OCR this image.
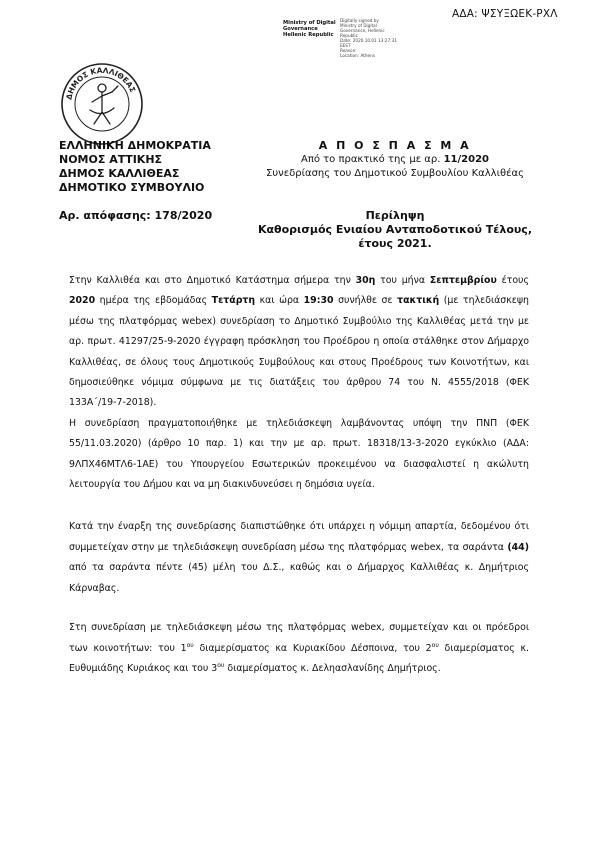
ΑΔΑ: ΨΣΥΞΩΕΚ-ΡΧΛ
Ministry of Digital
Governance
Hellenic Republic
Digitally signed by
Ministry of Digital
Governance, Hellenic
Republic
Date: 2020.10.01 13:27:31
EEST
Reason:
Location: Athens
ΔΗΜΟΣ ΚΑΛΛΙΘΕΑΣ
ΕΛΛΗΝΙΚΗ ΔΗΜΟΚΡΑΤΙΑ
ΝΟΜΟΣ ΑΤΤΙΚΗΣ
ΔΗΜΟΣ ΚΑΛΛΙΘΕΑΣ
ΔΗΜΟΤΙΚΟ ΣΥΜΒΟΥΛΙΟ
Α Π Ο Σ Π Α Σ Μ Α
Από το πρακτικό της με αρ. 11/2020
Συνεδρίασης του Δημοτικού Συμβουλίου Καλλιθέας
Αρ. απόφασης: 178/2020	Περίληψη
Καθορισμός Ενιαίου Ανταποδοτικού Τέλους,
έτους 2021.

Στην Καλλιθέα και στο Δημοτικό Κατάστημα σήμερα την 30η του μήνα Σεπτεμβρίου έτους 2020 ημέρα της εβδομάδας Τετάρτη και ώρα 19:30 συνήλθε σε τακτική (με τηλεδιάσκεψη μέσω της πλατφόρμας webex) συνεδρίαση το Δημοτικό Συμβούλιο της Καλλιθέας μετά την με αρ. πρωτ. 41297/25-9-2020 έγγραφη πρόσκληση του Προέδρου η οποία στάλθηκε στον Δήμαρχο Καλλιθέας, σε όλους τους Δημοτικούς Συμβούλους και στους Προέδρους των Κοινοτήτων, και δημοσιεύθηκε νόμιμα σύμφωνα με τις διατάξεις του άρθρου 74 του Ν. 4555/2018 (ΦΕΚ 133Α΄/19-7-2018).

Η συνεδρίαση πραγματοποιήθηκε με τηλεδιάσκεψη λαμβάνοντας υπόψη την ΠΝΠ (ΦΕΚ 55/11.03.2020) (άρθρο 10 παρ. 1) και την με αρ. πρωτ. 18318/13-3-2020 εγκύκλιο (ΑΔΑ: 9ΛΠΧ46ΜΤΛ6-1ΑΕ) του Υπουργείου Εσωτερικών προκειμένου να διασφαλιστεί η ακώλυτη λειτουργία του Δήμου και να μη διακινδυνεύσει η δημόσια υγεία.

Κατά την έναρξη της συνεδρίασης διαπιστώθηκε ότι υπάρχει η νόμιμη απαρτία, δεδομένου ότι συμμετείχαν στην με τηλεδιάσκεψη συνεδρίαση μέσω της πλατφόρμας webex, τα σαράντα (44) από τα σαράντα πέντε (45) μέλη του Δ.Σ., καθώς και ο Δήμαρχος Καλλιθέας κ. Δημήτριος Κάρναβας.

Στη συνεδρίαση με τηλεδιάσκεψη μέσω της πλατφόρμας webex, συμμετείχαν και οι πρόεδροι των κοινοτήτων: του $1^{o\upsilon}$ διαμερίσματος κα Κυριακίδου Δέσποινα, του $2^{o\upsilon}$ διαμερίσματος κ. Ευθυμιάδης Κυριάκος και του $3^{o\upsilon}$ διαμερίσματος κ. Δεληασλανίδης Δημήτριος.
